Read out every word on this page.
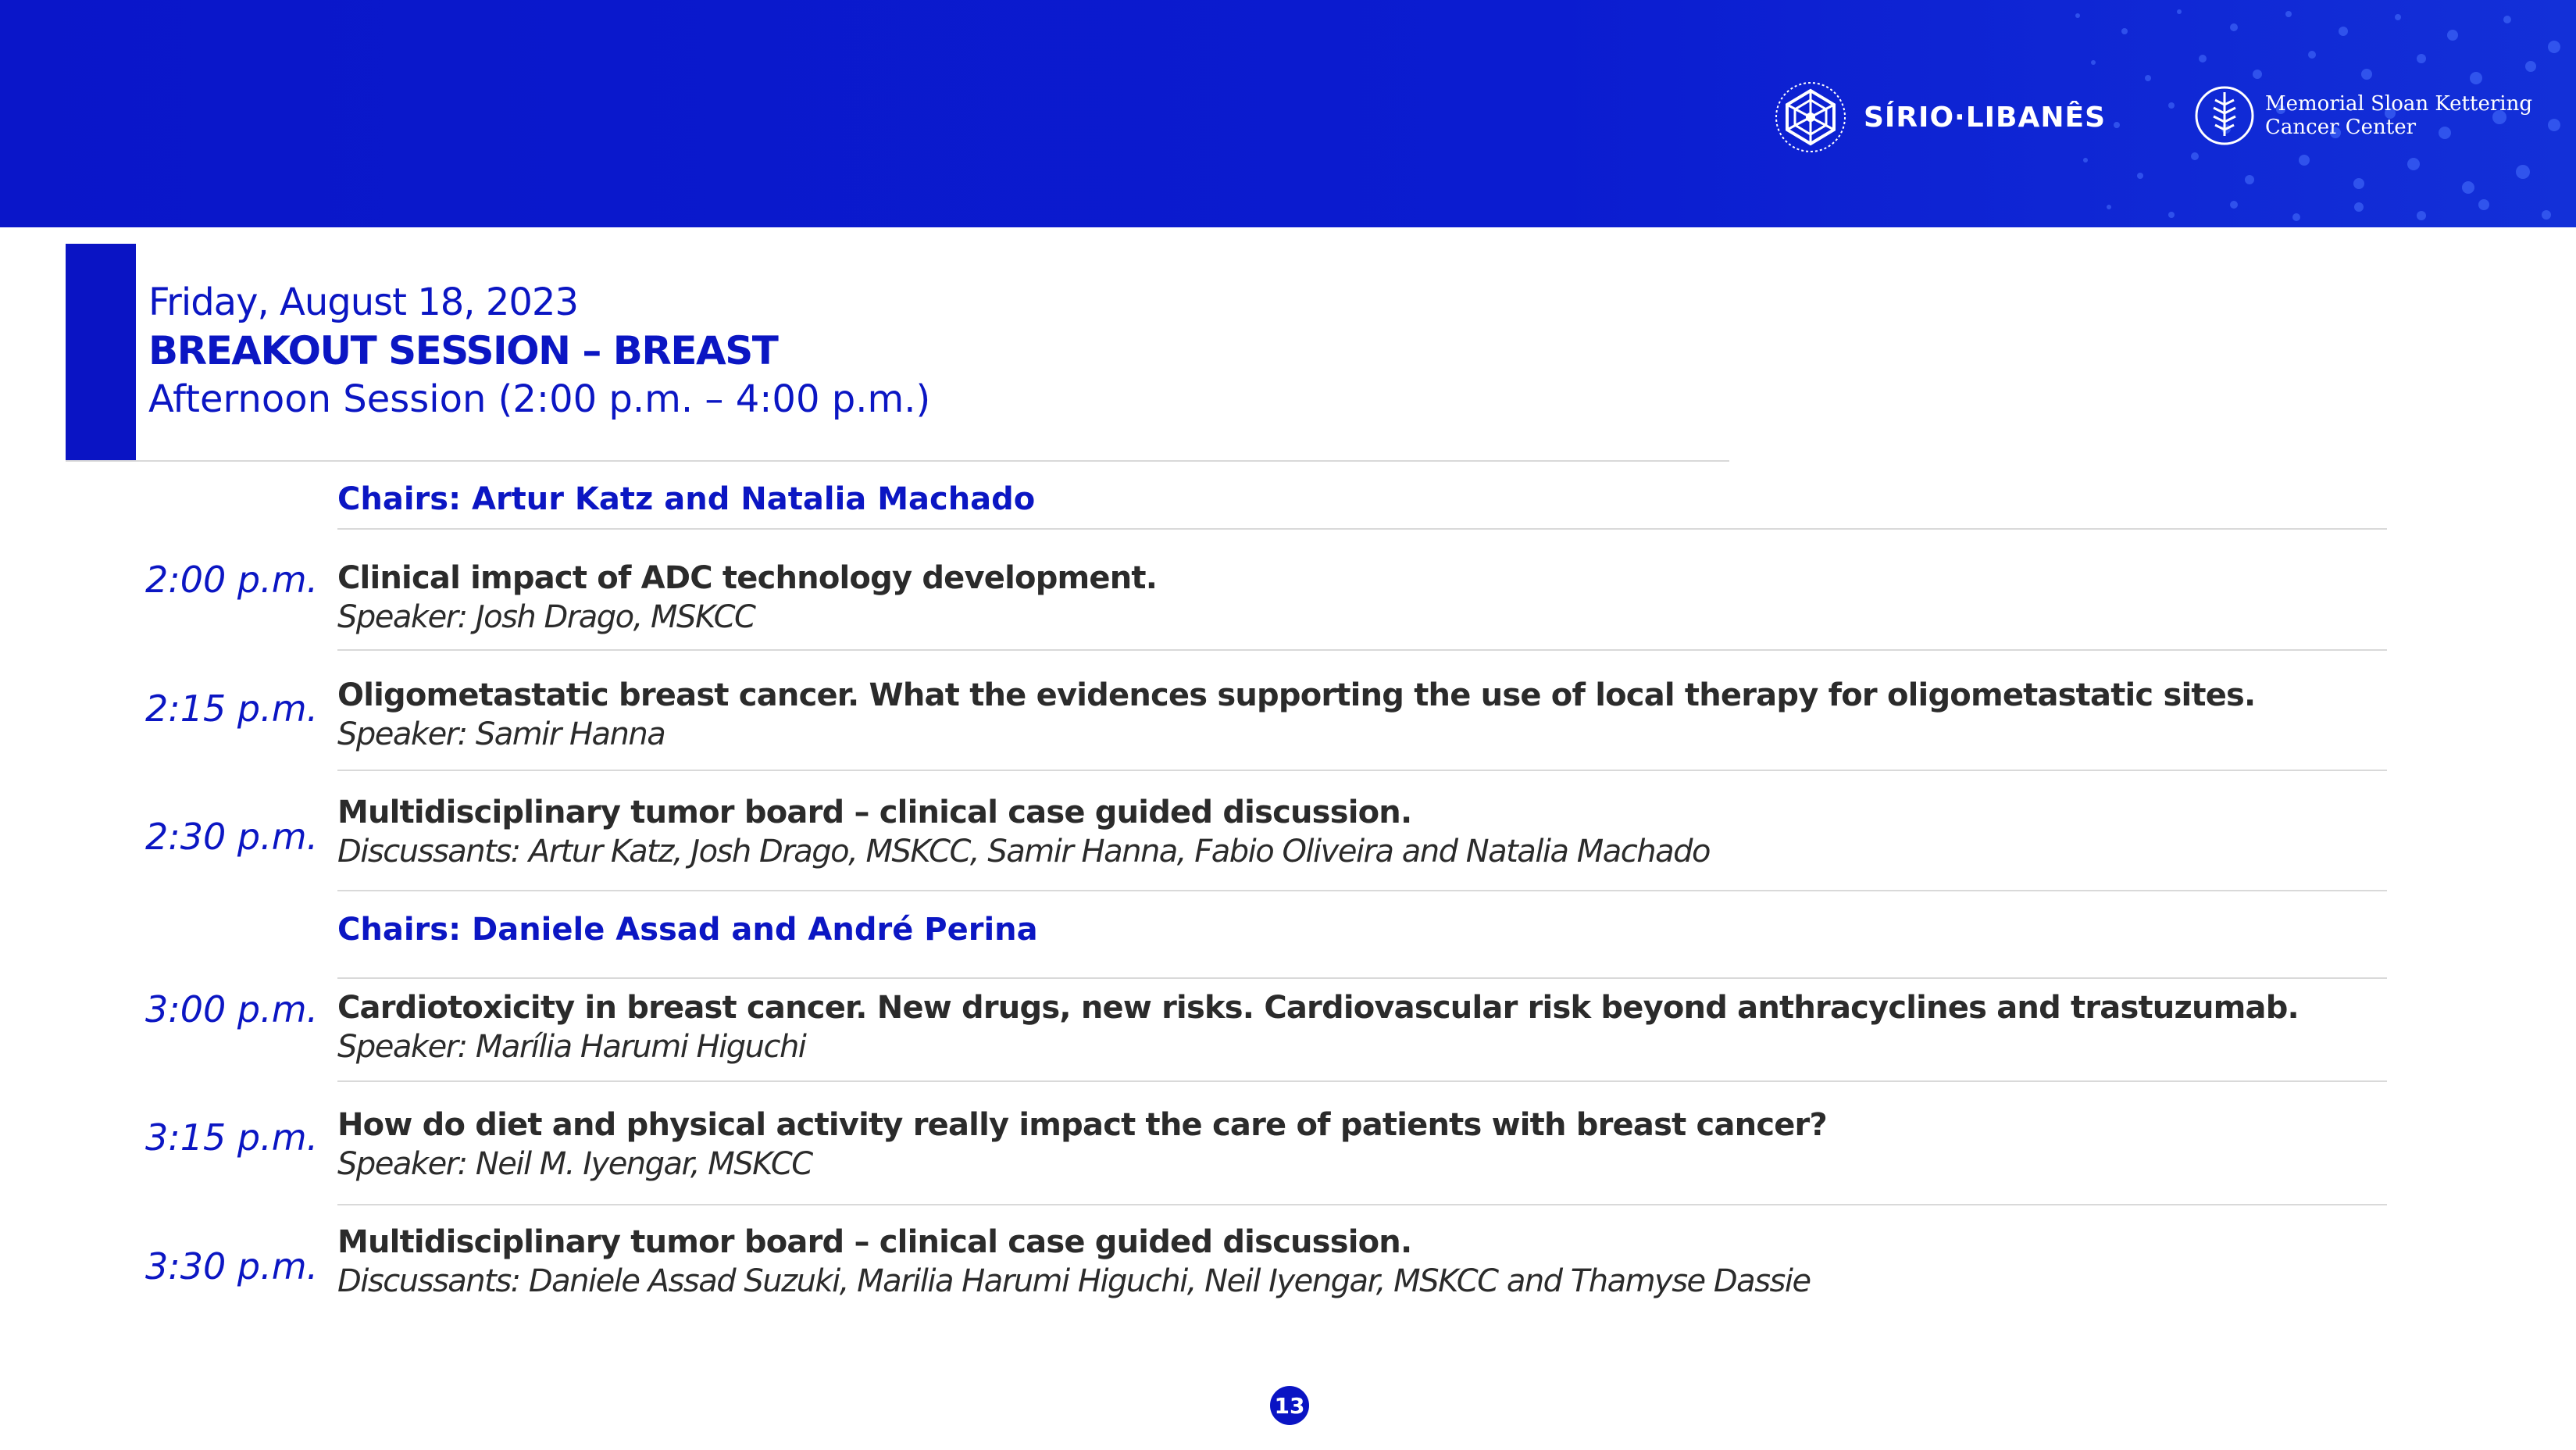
SÍRIO·LIBANÊS	Memorial Sloan Kettering
Cancer Center
Friday, August 18, 2023
BREAKOUT SESSION – BREAST
Afternoon Session (2:00 p.m. – 4:00 p.m.)
Chairs: Artur Katz and Natalia Machado
2:00 p.m. Clinical impact of ADC technology development.
Speaker: Josh Drago, MSKCC
2:15 p.m. Oligometastatic breast cancer. What the evidences supporting the use of local therapy for oligometastatic sites.
Speaker: Samir Hanna
2:30 p.m.
Multidisciplinary tumor board – clinical case guided discussion.
Discussants: Artur Katz, Josh Drago, MSKCC, Samir Hanna, Fabio Oliveira and Natalia Machado
Chairs: Daniele Assad and André Perina
3:00 p.m. Cardiotoxicity in breast cancer. New drugs, new risks. Cardiovascular risk beyond anthracyclines and trastuzumab.
Speaker: Marília Harumi Higuchi
3:15 p.m. How do diet and physical activity really impact the care of patients with breast cancer?
Speaker: Neil M. Iyengar, MSKCC
3:30 p.m.
Multidisciplinary tumor board – clinical case guided discussion.
Discussants: Daniele Assad Suzuki, Marilia Harumi Higuchi, Neil Iyengar, MSKCC and Thamyse Dassie
13
